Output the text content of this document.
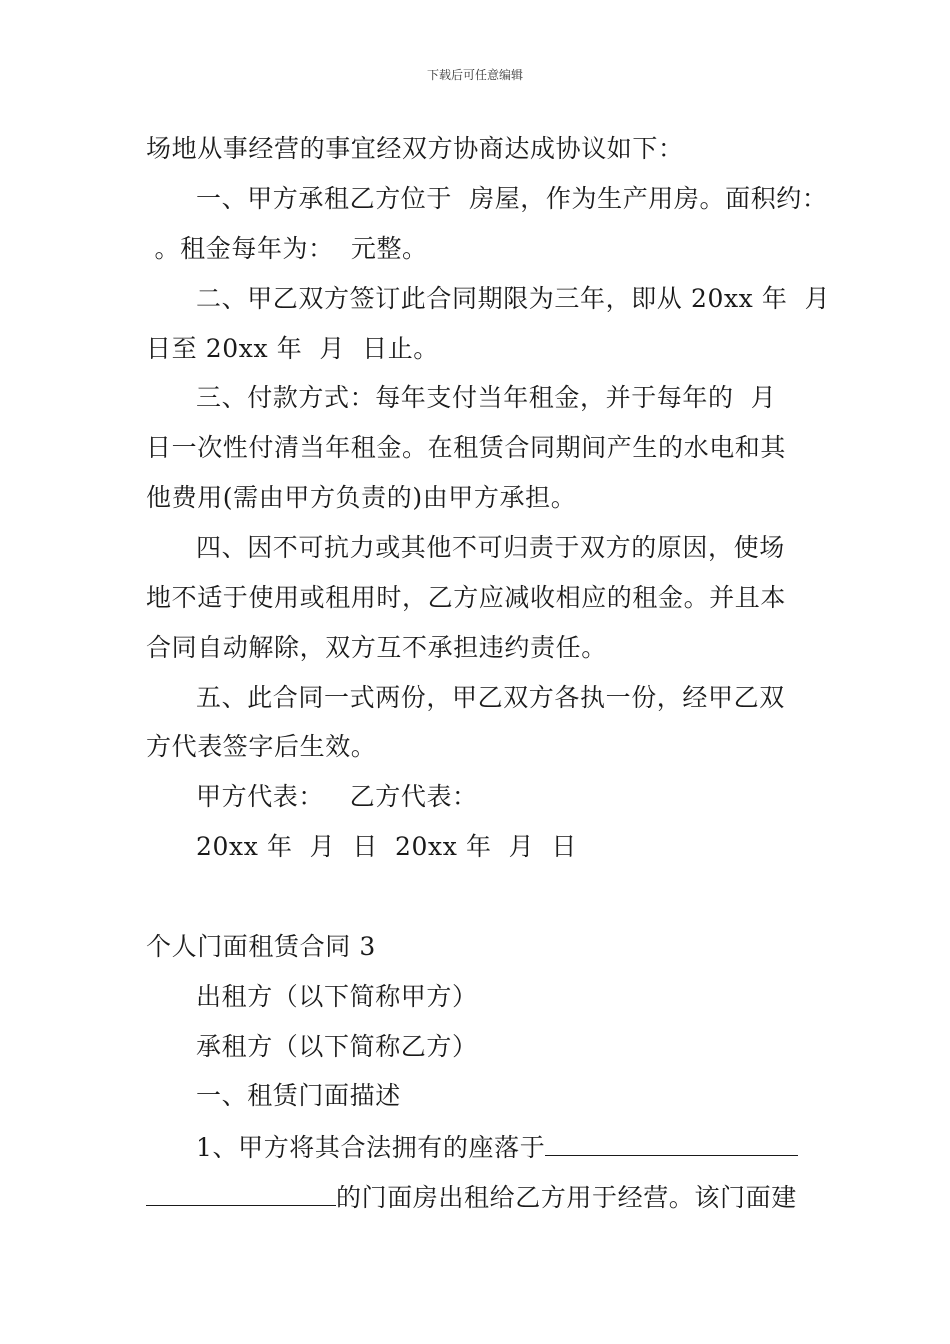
下载后可任意编辑
场地从事经营的事宜经双方协商达成协议如下：
一、甲方承租乙方位于  房屋，作为生产用房。面积约：
。租金每年为：  元整。
二、甲乙双方签订此合同期限为三年，即从 20xx 年  月
日至 20xx 年  月  日止。
三、付款方式：每年支付当年租金，并于每年的  月
日一次性付清当年租金。在租赁合同期间产生的水电和其
他费用(需由甲方负责的)由甲方承担。
四、因不可抗力或其他不可归责于双方的原因，使场
地不适于使用或租用时，乙方应减收相应的租金。并且本
合同自动解除，双方互不承担违约责任。
五、此合同一式两份，甲乙双方各执一份，经甲乙双
方代表签字后生效。
甲方代表：   乙方代表：
20xx 年  月  日  20xx 年  月  日
个人门面租赁合同 3
出租方（以下简称甲方）
承租方（以下简称乙方）
一、租赁门面描述
1、甲方将其合法拥有的座落于
的门面房出租给乙方用于经营。该门面建
